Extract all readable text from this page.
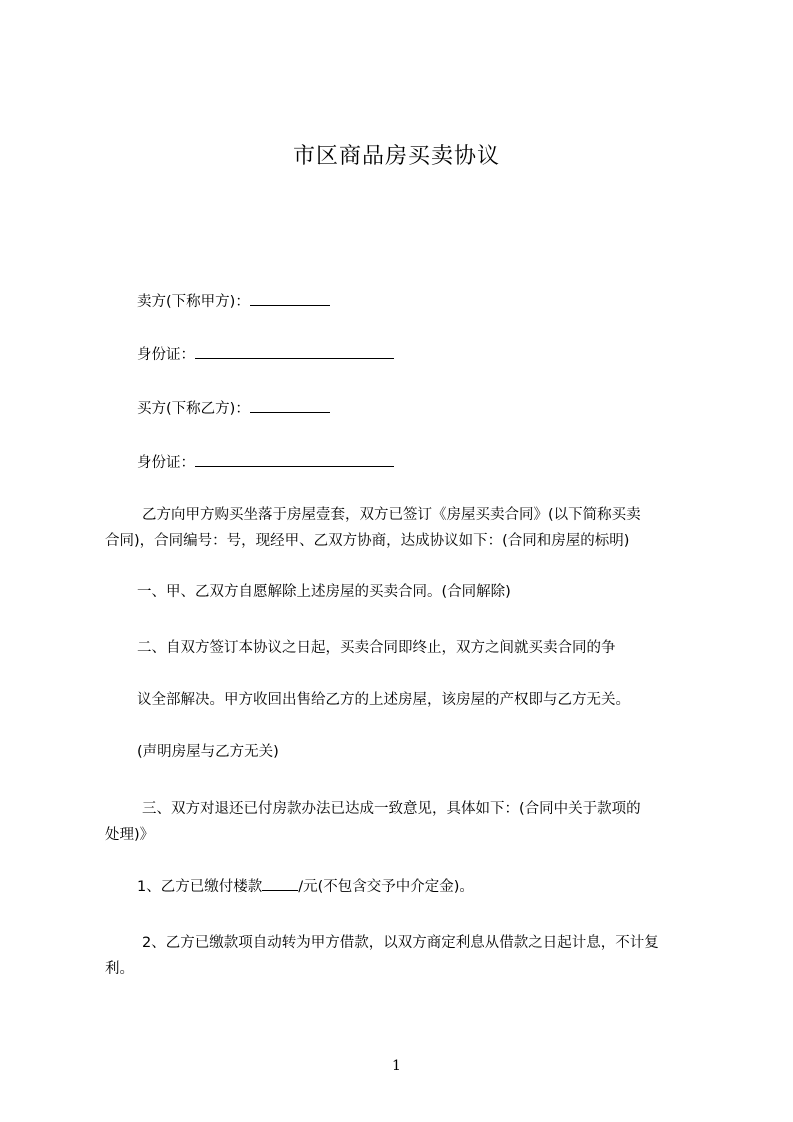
市区商品房买卖协议
卖方(下称甲方)：
身份证：
买方(下称乙方)：
身份证：
乙方向甲方购买坐落于房屋壹套，双方已签订《房屋买卖合同》(以下简称买卖
合同)，合同编号：号，现经甲、乙双方协商，达成协议如下：(合同和房屋的标明)
一、甲、乙双方自愿解除上述房屋的买卖合同。(合同解除)
二、自双方签订本协议之日起，买卖合同即终止，双方之间就买卖合同的争
议全部解决。甲方收回出售给乙方的上述房屋，该房屋的产权即与乙方无关。
(声明房屋与乙方无关)
三、双方对退还已付房款办法已达成一致意见，具体如下：(合同中关于款项的
处理)》
1、乙方已缴付楼款 /元(不包含交予中介定金)。
2、乙方已缴款项自动转为甲方借款，以双方商定利息从借款之日起计息，不计复
利。
1
